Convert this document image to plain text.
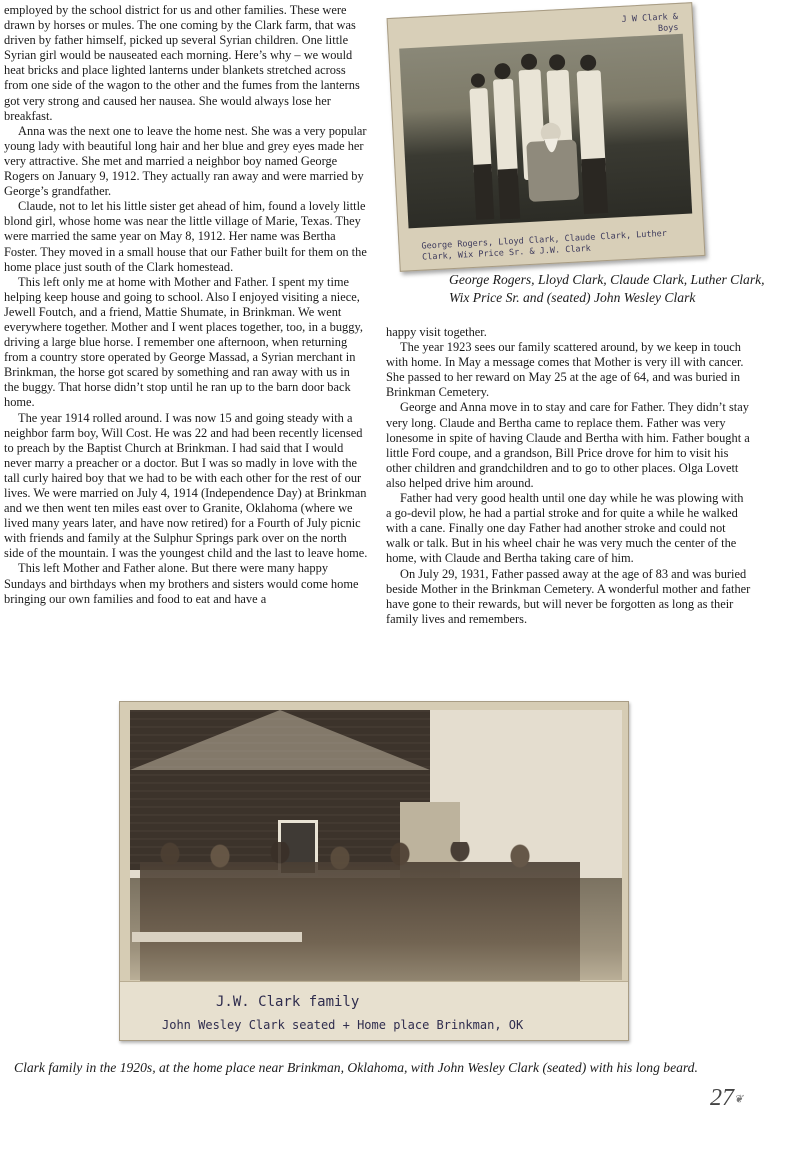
employed by the school district for us and other families. These were drawn by horses or mules. The one coming by the Clark farm, that was driven by father himself, picked up several Syrian children. One little Syrian girl would be nauseated each morning. Here’s why – we would heat bricks and place lighted lanterns under blankets stretched across from one side of the wagon to the other and the fumes from the lanterns got very strong and caused her nausea. She would always lose her breakfast.

Anna was the next one to leave the home nest. She was a very popular young lady with beautiful long hair and her blue and grey eyes made her very attractive. She met and married a neighbor boy named George Rogers on January 9, 1912. They actually ran away and were married by George’s grandfather.

Claude, not to let his little sister get ahead of him, found a lovely little blond girl, whose home was near the little village of Marie, Texas. They were married the same year on May 8, 1912. Her name was Bertha Foster. They moved in a small house that our Father built for them on the home place just south of the Clark homestead.

This left only me at home with Mother and Father. I spent my time helping keep house and going to school. Also I enjoyed visiting a niece, Jewell Foutch, and a friend, Mattie Shumate, in Brinkman. We went everywhere together. Mother and I went places together, too, in a buggy, driving a large blue horse. I remember one afternoon, when returning from a country store operated by George Massad, a Syrian merchant in Brinkman, the horse got scared by something and ran away with us in the buggy. That horse didn’t stop until he ran up to the barn door back home.

The year 1914 rolled around. I was now 15 and going steady with a neighbor farm boy, Will Cost. He was 22 and had been recently licensed to preach by the Baptist Church at Brinkman. I had said that I would never marry a preacher or a doctor. But I was so madly in love with the tall curly haired boy that we had to be with each other for the rest of our lives. We were married on July 4, 1914 (Independence Day) at Brinkman and we then went ten miles east over to Granite, Oklahoma (where we lived many years later, and have now retired) for a Fourth of July picnic with friends and family at the Sulphur Springs park over on the north side of the mountain. I was the youngest child and the last to leave home.

This left Mother and Father alone. But there were many happy Sundays and birthdays when my brothers and sisters would come home bringing our own families and food to eat and have a

happy visit together.

The year 1923 sees our family scattered around, by we keep in touch with home. In May a message comes that Mother is very ill with cancer. She passed to her reward on May 25 at the age of 64, and was buried in Brinkman Cemetery.

George and Anna move in to stay and care for Father. They didn’t stay very long. Claude and Bertha came to replace them. Father was very lonesome in spite of having Claude and Bertha with him. Father bought a little Ford coupe, and a grandson, Bill Price drove for him to visit his other children and grandchildren and to go to other places. Olga Lovett also helped drive him around.

Father had very good health until one day while he was plowing with a go-devil plow, he had a partial stroke and for quite a while he walked with a cane. Finally one day Father had another stroke and could not walk or talk. But in his wheel chair he was very much the center of the home, with Claude and Bertha taking care of him.

On July 29, 1931, Father passed away at the age of 83 and was buried beside Mother in the Brinkman Cemetery. A wonderful mother and father have gone to their rewards, but will never be forgotten as long as their family lives and remembers.

J W Clark & Boys
George Rogers, Lloyd Clark, Claude Clark, Luther Clark, Wix Price Sr. & J.W. Clark
George Rogers, Lloyd Clark, Claude Clark, Luther Clark, Wix Price Sr. and (seated) John Wesley Clark
J.W. Clark family
John Wesley Clark seated + Home place Brinkman, OK
Clark family in the 1920s, at the home place near Brinkman, Oklahoma, with John Wesley Clark (seated) with his long beard.
27❦
